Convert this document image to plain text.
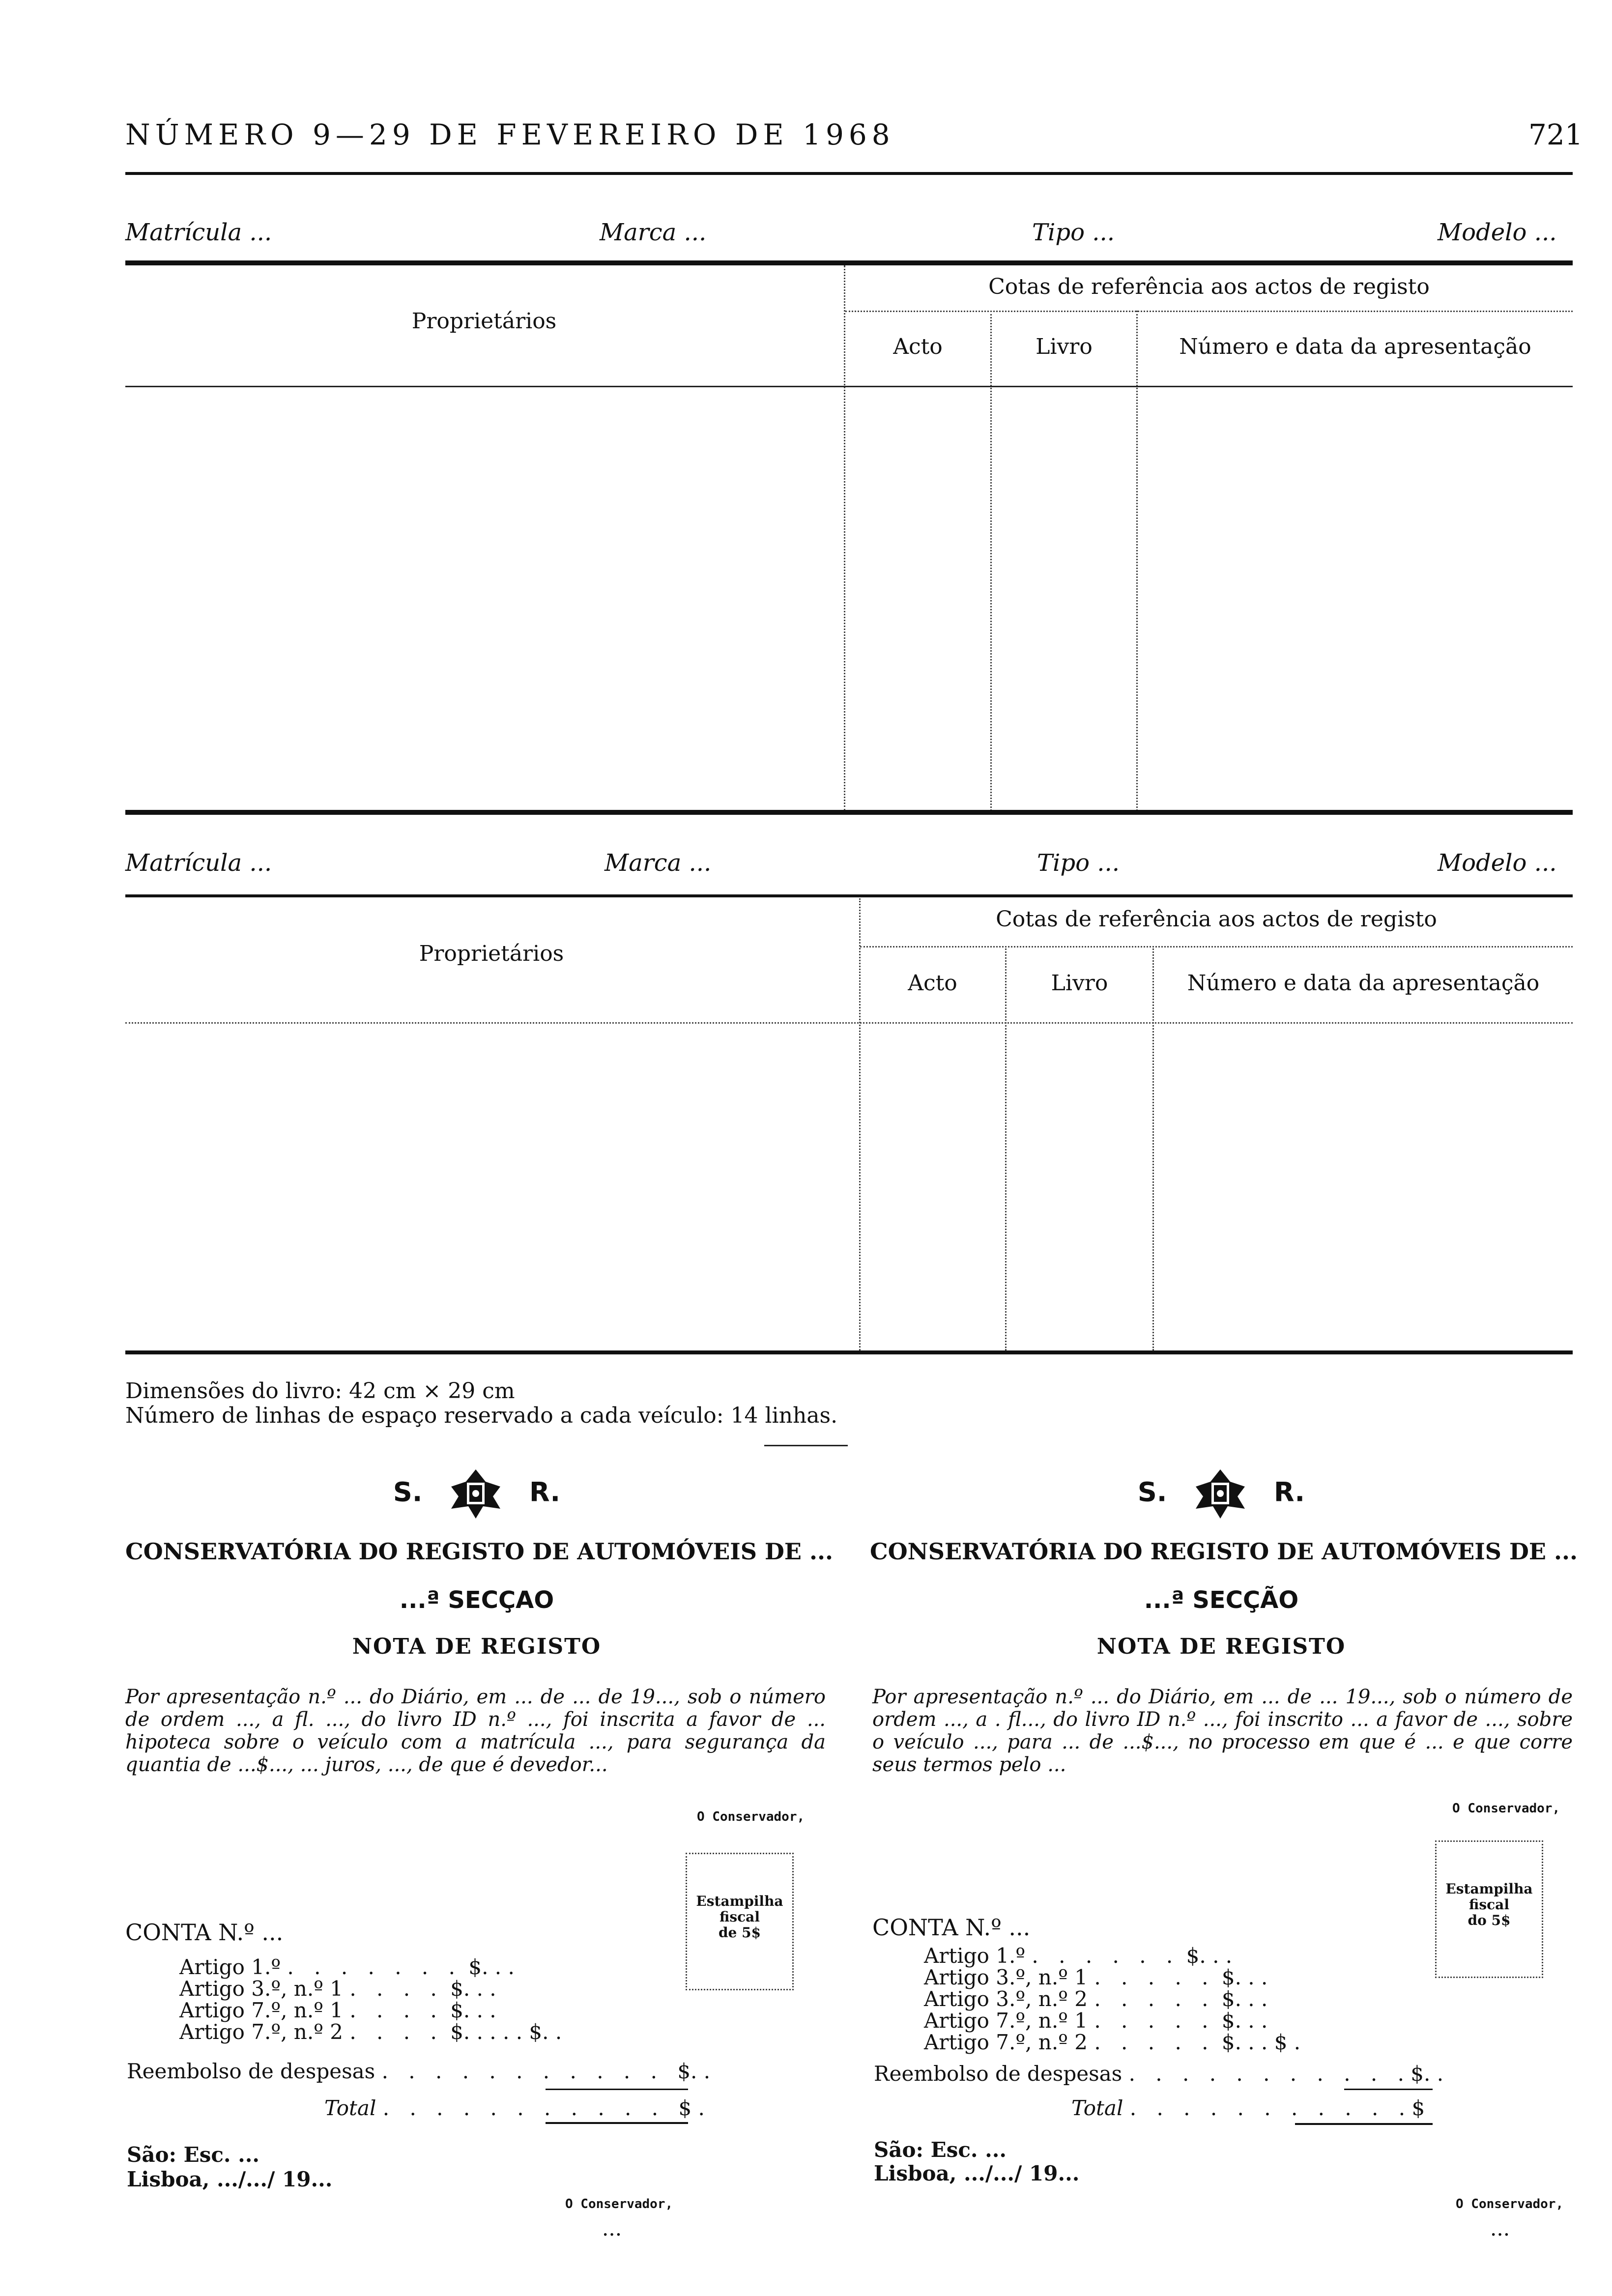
NÚMERO 9—29 DE FEVEREIRO DE 1968	721
Matrícula ...	Marca ...	Tipo ...	Modelo ...
Proprietários
Cotas de referência aos actos de registo
Acto	Livro	Número e data da apresentação
Matrícula ...	Marca ...	Tipo ...	Modelo ...
Proprietários
Cotas de referência aos actos de registo
Acto	Livro	Número e data da apresentação
Dimensões do livro: 42 cm × 29 cm
Número de linhas de espaço reservado a cada veículo: 14 linhas.
S.	R.
CONSERVATÓRIA DO REGISTO DE AUTOMÓVEIS DE ...
...ª SECÇAO
NOTA DE REGISTO
Por apresentação n.º ... do Diário, em ... de ... de 19..., sob o número de ordem ..., a fl. ..., do livro ID n.º ..., foi inscrita a favor de ... hipoteca sobre o veículo com a matrícula ..., para segurança da quantia de ...$..., ... juros, ..., de que é devedor...
O Conservador,
Estampilha
fiscal
de 5$
CONTA N.º ...
Artigo 1.º . . . . . . . $. . .
Artigo 3.º, n.º 1 . . . . $. . .
Artigo 7.º, n.º 1 . . . . $. . .
Artigo 7.º, n.º 2 . . . . $. . . . . $. .
Reembolso de despesas . . . . . . . . . . . $. .
Total . . . . . . . . . . . $ .
São: Esc. ...
Lisboa, .../.../ 19...
O Conservador,
...
S.	R.
CONSERVATÓRIA DO REGISTO DE AUTOMÓVEIS DE ...
...ª SECÇÃO
NOTA DE REGISTO
Por apresentação n.º ... do Diário, em ... de ... 19..., sob o número de ordem ..., a . fl..., do livro ID n.º ..., foi inscrito ... a favor de ..., sobre o veículo ..., para ... de ...$..., no processo em que é ... e que corre seus termos pelo ...
O Conservador,
Estampilha
fiscal
do 5$
CONTA N.º ...
Artigo 1.º . . . . . . $. . .
Artigo 3.º, n.º 1 . . . . . $. . .
Artigo 3.º, n.º 2 . . . . . $. . .
Artigo 7.º, n.º 1 . . . . . $. . .
Artigo 7.º, n.º 2 . . . . . $. . . $ .
Reembolso de despesas . . . . . . . . . . . $. .
Total . . . . . . . . . . . $
São: Esc. ...
Lisboa, .../.../ 19...
O Conservador,
...
